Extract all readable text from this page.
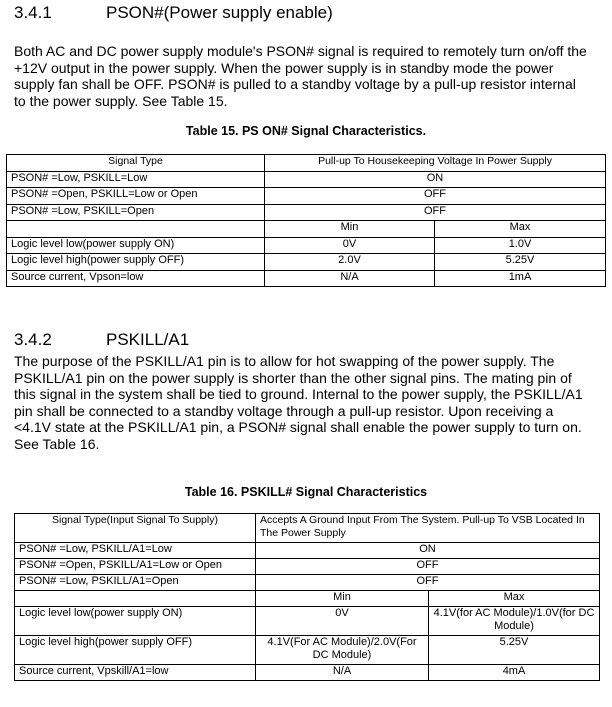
3.4.1	PSON#(Power supply enable)
Both AC and DC power supply module's PSON# signal is required to remotely turn on/off the
+12V output in the power supply. When the power supply is in standby mode the power
supply fan shall be OFF. PSON# is pulled to a standby voltage by a pull-up resistor internal
to the power supply. See Table 15.
Table 15. PS ON# Signal Characteristics.
Signal Type	Pull-up To Housekeeping Voltage In Power Supply	
PSON# =Low, PSKILL=Low	ON	
PSON# =Open, PSKILL=Low or Open	OFF	
PSON# =Low, PSKILL=Open	OFF	
	Min	Max
Logic level low(power supply ON)	0V	1.0V
Logic level high(power supply OFF)	2.0V	5.25V
Source current, Vpson=low	N/A	1mA
3.4.2	PSKILL/A1
The purpose of the PSKILL/A1 pin is to allow for hot swapping of the power supply. The
PSKILL/A1 pin on the power supply is shorter than the other signal pins. The mating pin of
this signal in the system shall be tied to ground. Internal to the power supply, the PSKILL/A1
pin shall be connected to a standby voltage through a pull-up resistor. Upon receiving a
<4.1V state at the PSKILL/A1 pin, a PSON# signal shall enable the power supply to turn on.
See Table 16.
Table 16. PSKILL# Signal Characteristics
Signal Type(Input Signal To Supply)	Accepts A Ground Input From The System. Pull-up To VSB Located In The Power Supply	
PSON# =Low, PSKILL/A1=Low	ON	
PSON# =Open, PSKILL/A1=Low or Open	OFF	
PSON# =Low, PSKILL/A1=Open	OFF	
	Min	Max
Logic level low(power supply ON)	0V	4.1V(for AC Module)/1.0V(for DC Module)
Logic level high(power supply OFF)	4.1V(For AC Module)/2.0V(For DC Module)	5.25V
Source current, Vpskill/A1=low	N/A	4mA
